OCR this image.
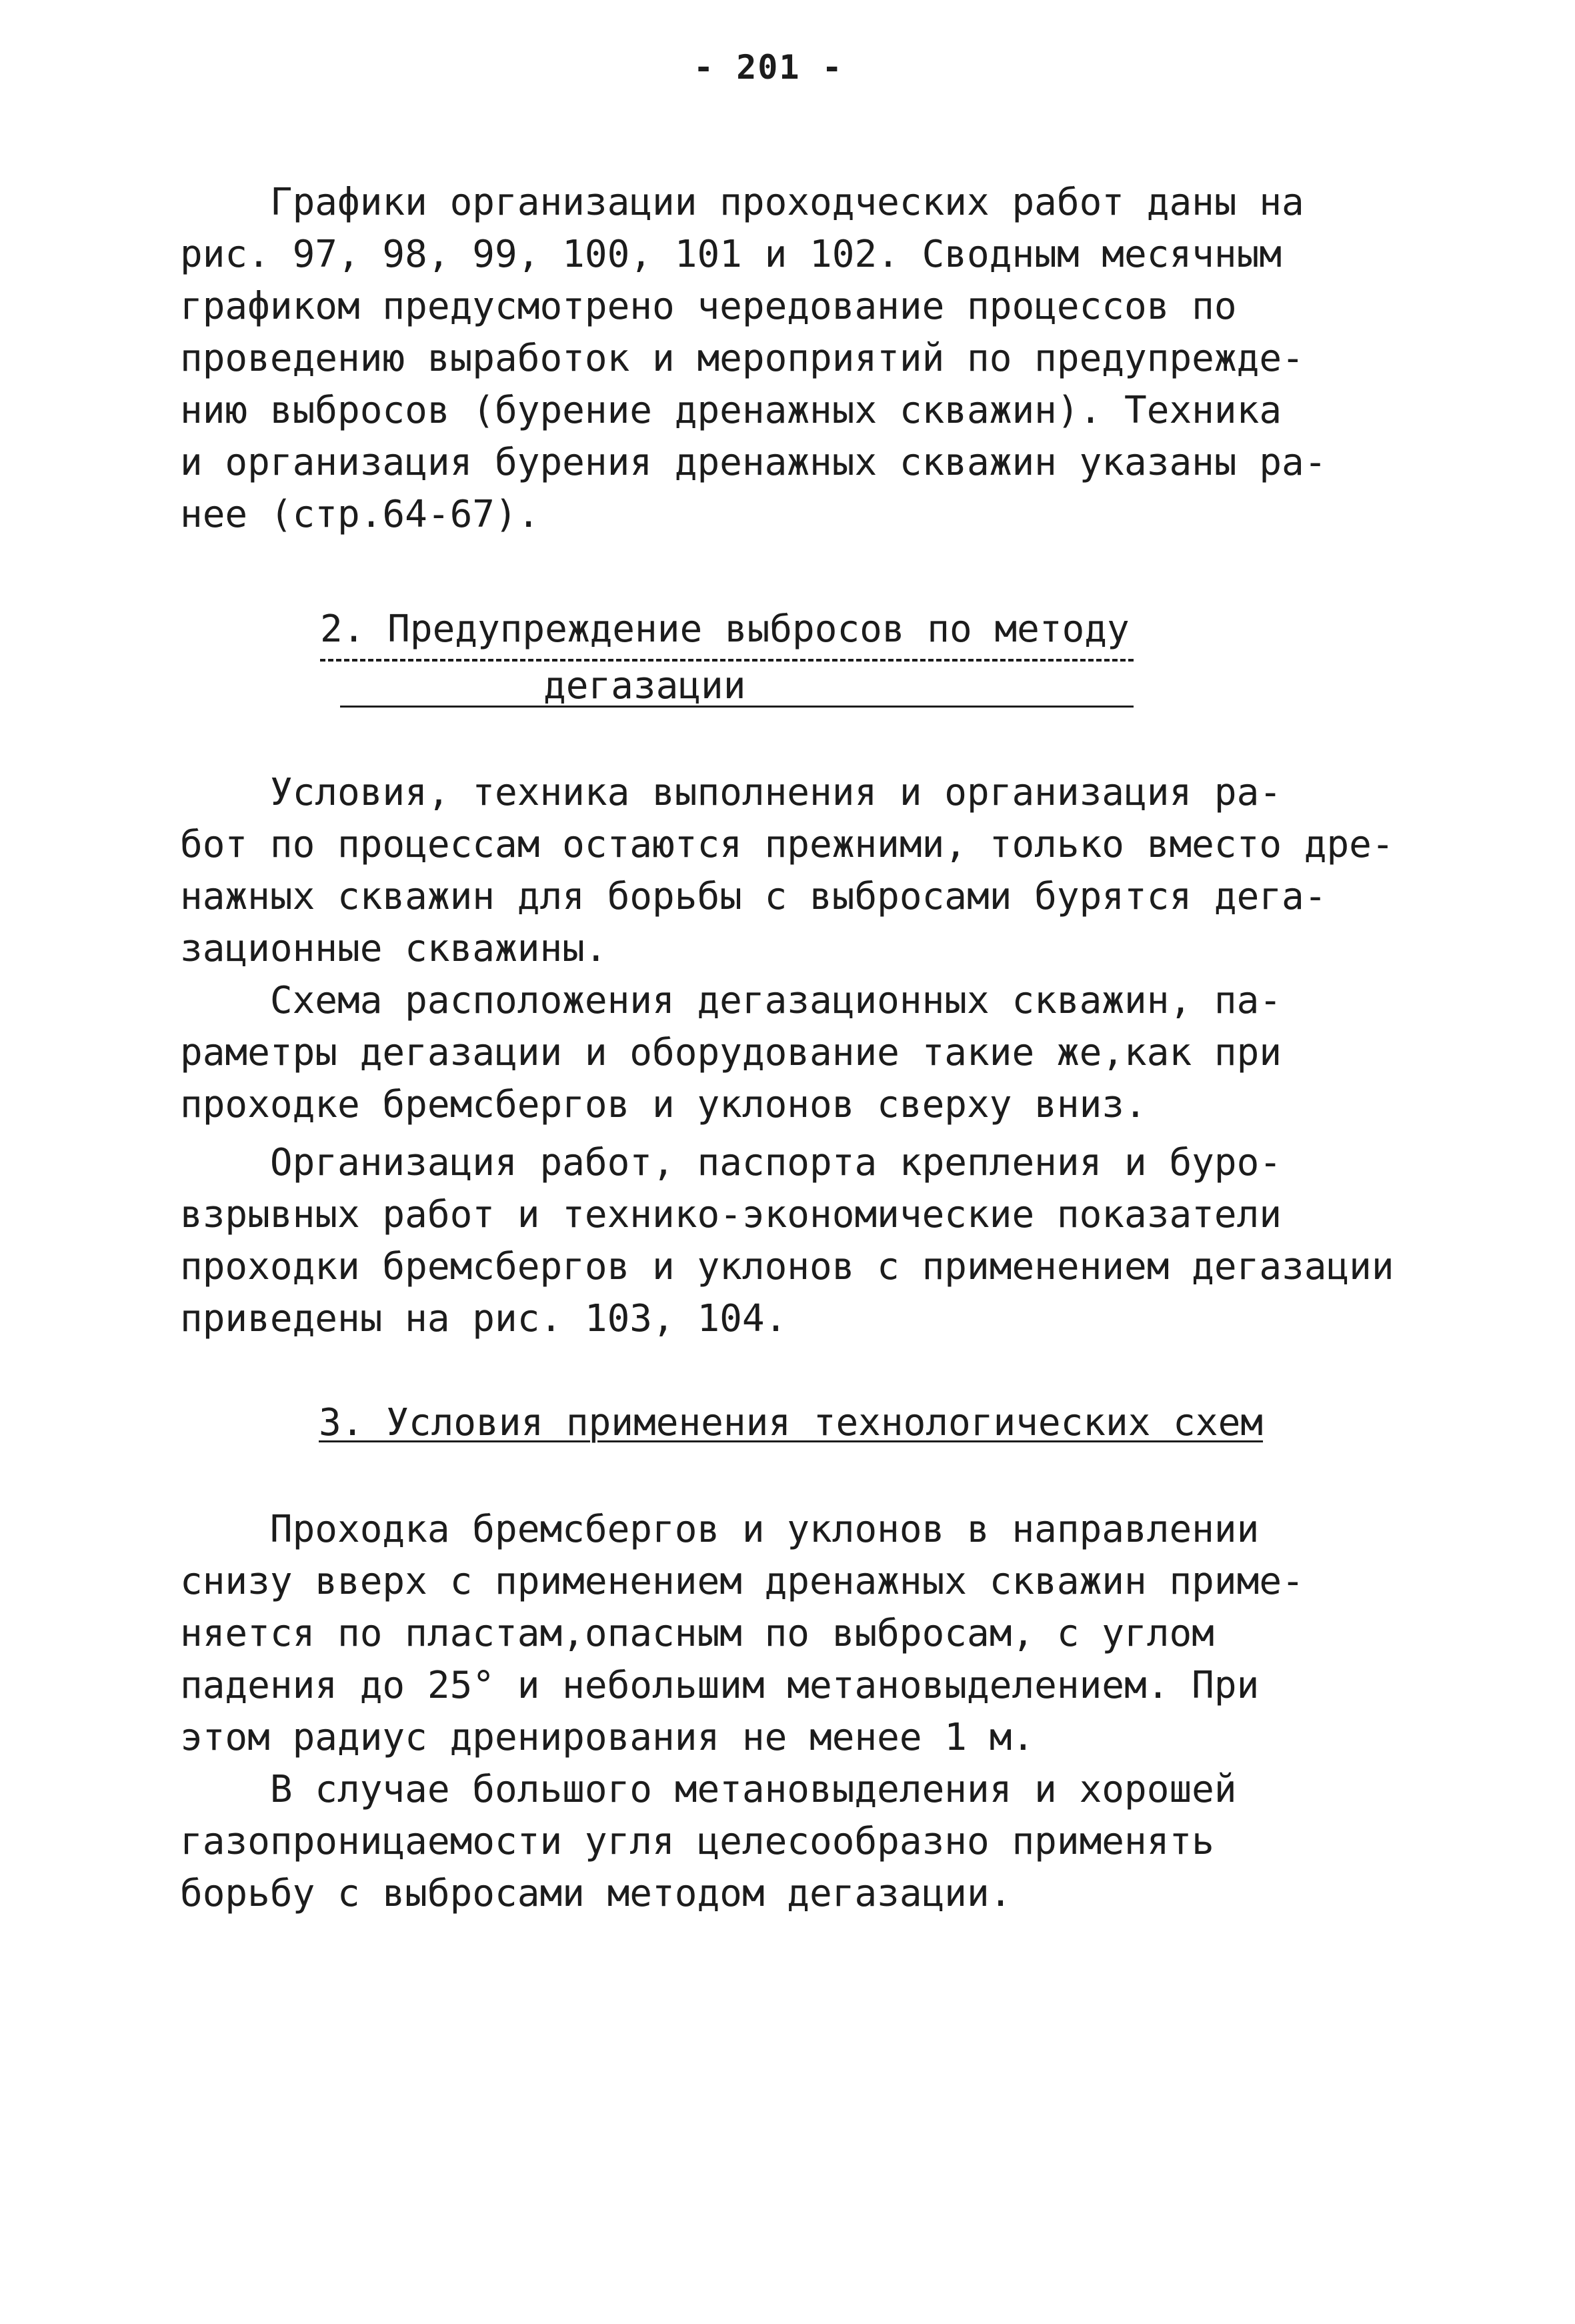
- 201 -

Графики организации проходческих работ даны на
рис. 97, 98, 99, 100, 101 и 102. Сводным месячным
графиком предусмотрено чередование процессов по
проведению выработок и мероприятий по предупрежде-
нию выбросов (бурение дренажных скважин). Техника
и организация бурения дренажных скважин указаны ра-
нее (стр.64-67).

2. Предупреждение выбросов по методу
дегазации

Условия, техника выполнения и организация ра-
бот по процессам остаются прежними, только вместо дре-
нажных скважин для борьбы с выбросами бурятся дега-
зационные скважины.

Схема расположения дегазационных скважин, па-
раметры дегазации и оборудование такие же,как при
проходке бремсбергов и уклонов сверху вниз.

Организация работ, паспорта крепления и буро-
взрывных работ и технико-экономические показатели
проходки бремсбергов и уклонов с применением дегазации
приведены на рис. 103, 104.

3. Условия применения технологических схем

Проходка бремсбергов и уклонов в направлении
снизу вверх с применением дренажных скважин приме-
няется по пластам,опасным по выбросам, с углом
падения до 25° и небольшим метановыделением. При
этом радиус дренирования не менее 1 м.

В случае большого метановыделения и хорошей
газопроницаемости угля целесообразно применять
борьбу с выбросами методом дегазации.
